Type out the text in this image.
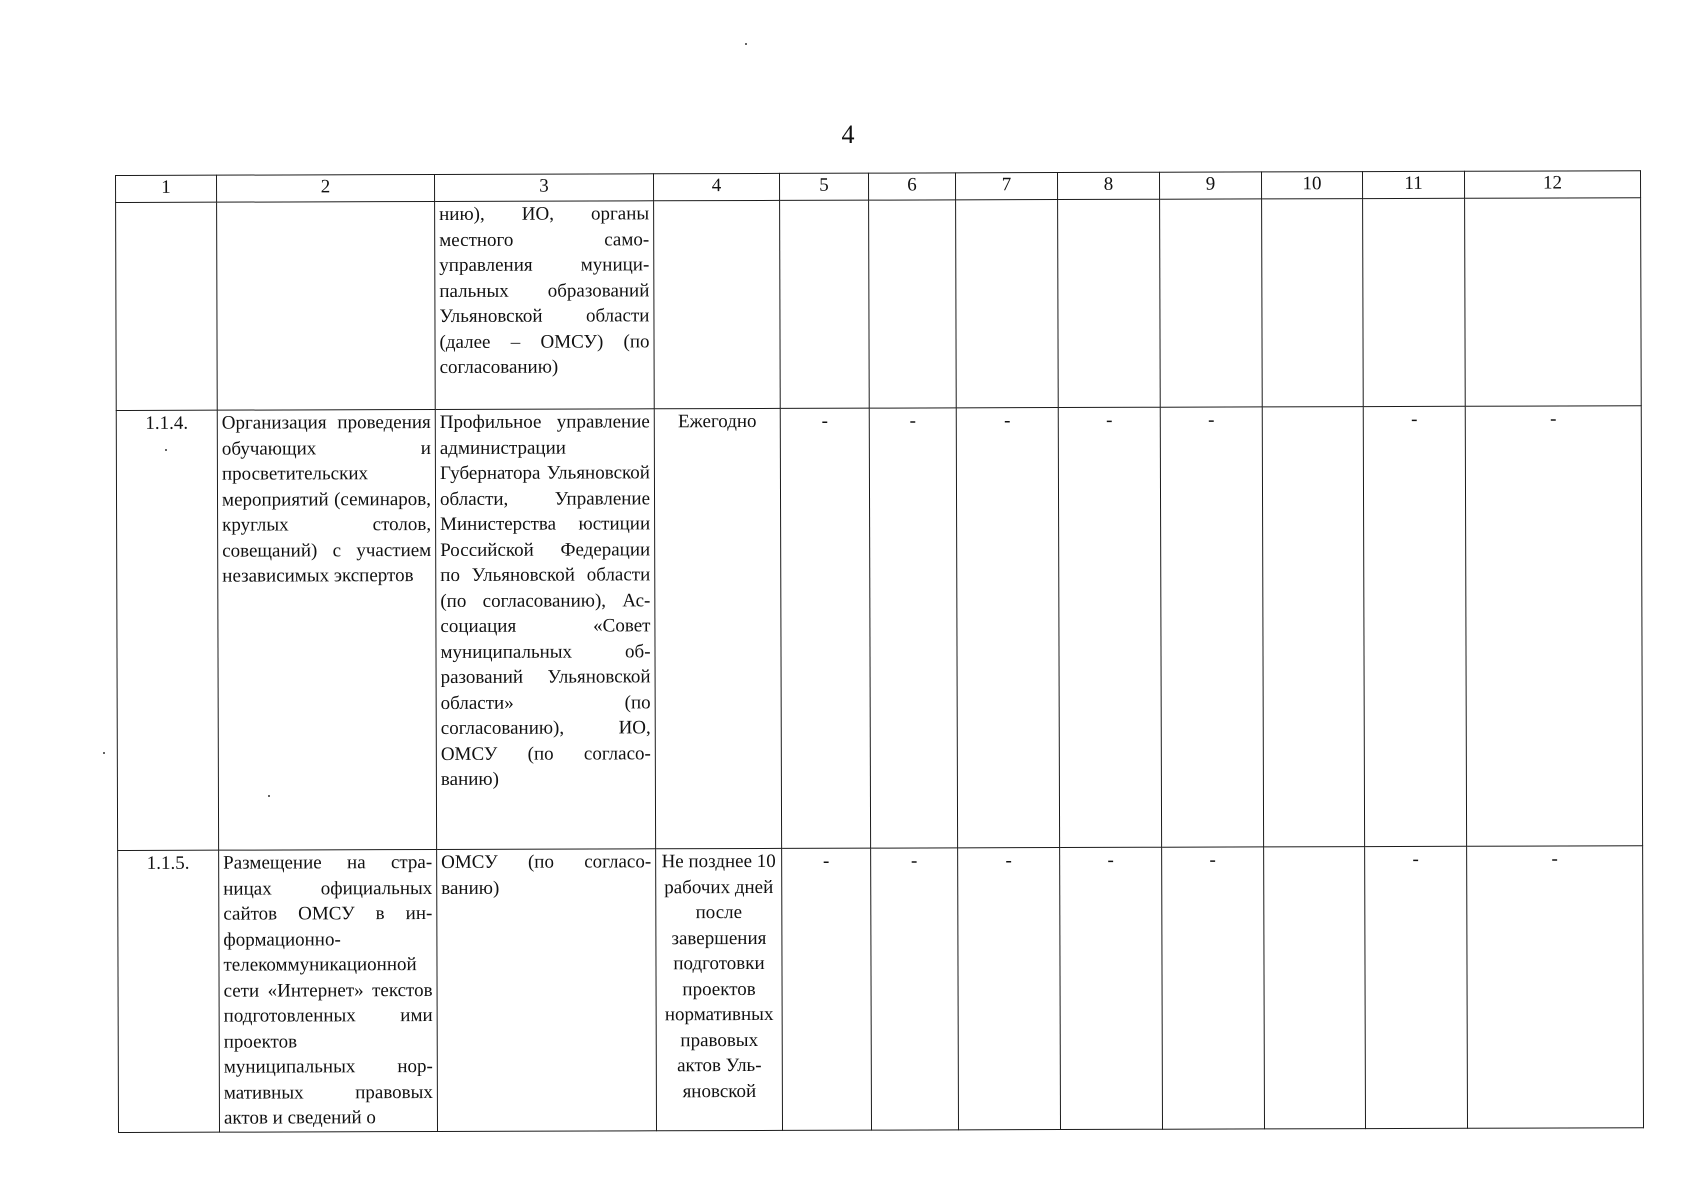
4
1	2	3	4	5	6	7	8	9	10	11	12
		нию), ИО, органы местного самоуправления муниципальных образований Ульяновской области (далее – ОМСУ) (по согласованию)									
1.1.4.	Организация проведения обучающих и просветительских мероприятий (семинаров, круглых столов, совещаний) с участием независимых экспертов	Профильное управление администрации Губернатора Ульяновской области, Управление Министерства юстиции Российской Федерации по Ульяновской области (по согласованию), Ассоциация «Совет муниципальных образований Ульяновской области» (по согласованию), ИО, ОМСУ (по согласованию)	Ежегодно	-	-	-	-	-		-	-
1.1.5.	Размещение на страницах официальных сайтов ОМСУ в информационно-телекоммуникационной сети «Интернет» текстов подготовленных ими проектов муниципальных нормативных правовых актов и сведений о	ОМСУ (по согласованию)	Не позднее 10 рабочих дней после завершения подготовки проектов нормативных правовых актов Ульяновской	-	-	-	-	-		-	-
